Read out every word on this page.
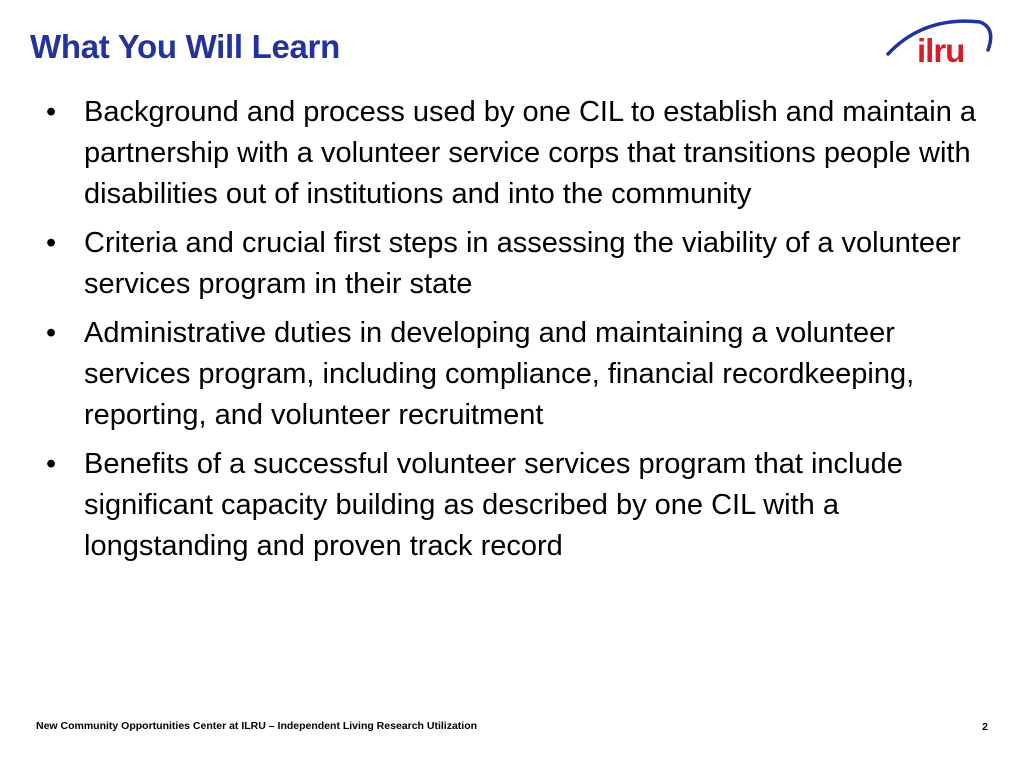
What You Will Learn	ilru
• Background and process used by one CIL to establish and maintain a partnership with a volunteer service corps that transitions people with disabilities out of institutions and into the community
• Criteria and crucial first steps in assessing the viability of a volunteer services program in their state
• Administrative duties in developing and maintaining a volunteer services program, including compliance, financial recordkeeping, reporting, and volunteer recruitment
• Benefits of a successful volunteer services program that include significant capacity building as described by one CIL with a longstanding and proven track record
New Community Opportunities Center at ILRU – Independent Living Research Utilization	2
